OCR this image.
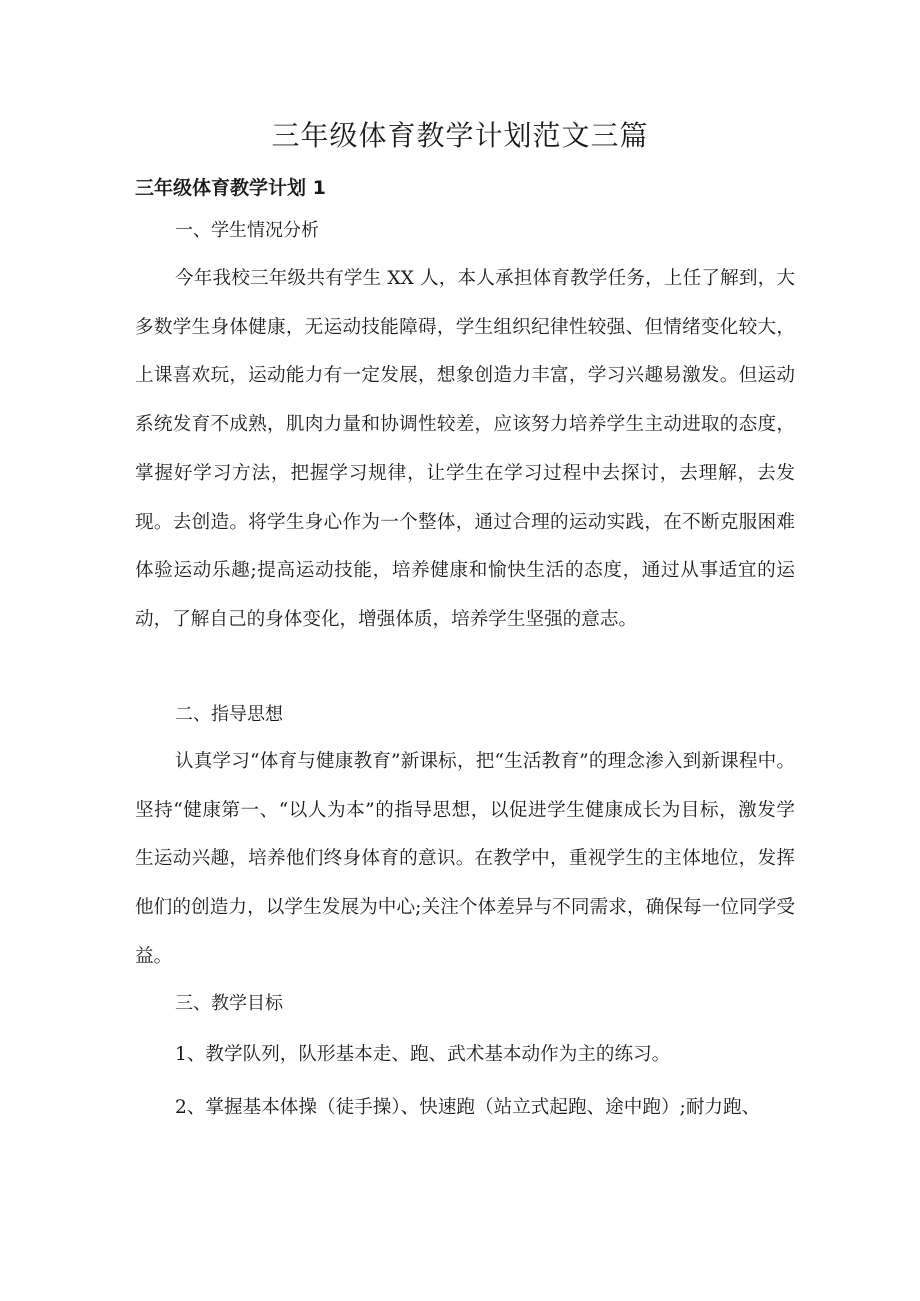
三年级体育教学计划范文三篇
三年级体育教学计划 1

一、学生情况分析

今年我校三年级共有学生 XX 人，本人承担体育教学任务，上任了解到，大多数学生身体健康，无运动技能障碍，学生组织纪律性较强、但情绪变化较大，上课喜欢玩，运动能力有一定发展，想象创造力丰富，学习兴趣易激发。但运动系统发育不成熟，肌肉力量和协调性较差，应该努力培养学生主动进取的态度，掌握好学习方法，把握学习规律，让学生在学习过程中去探讨，去理解，去发现。去创造。将学生身心作为一个整体，通过合理的运动实践，在不断克服困难体验运动乐趣;提高运动技能，培养健康和愉快生活的态度，通过从事适宜的运动，了解自己的身体变化，增强体质，培养学生坚强的意志。

二、指导思想

认真学习“体育与健康教育”新课标，把“生活教育”的理念渗入到新课程中。坚持“健康第一、“以人为本”的指导思想，以促进学生健康成长为目标，激发学生运动兴趣，培养他们终身体育的意识。在教学中，重视学生的主体地位，发挥他们的创造力，以学生发展为中心;关注个体差异与不同需求，确保每一位同学受益。

三、教学目标

1、教学队列，队形基本走、跑、武术基本动作为主的练习。

2、掌握基本体操（徒手操）、快速跑（站立式起跑、途中跑）;耐力跑、
